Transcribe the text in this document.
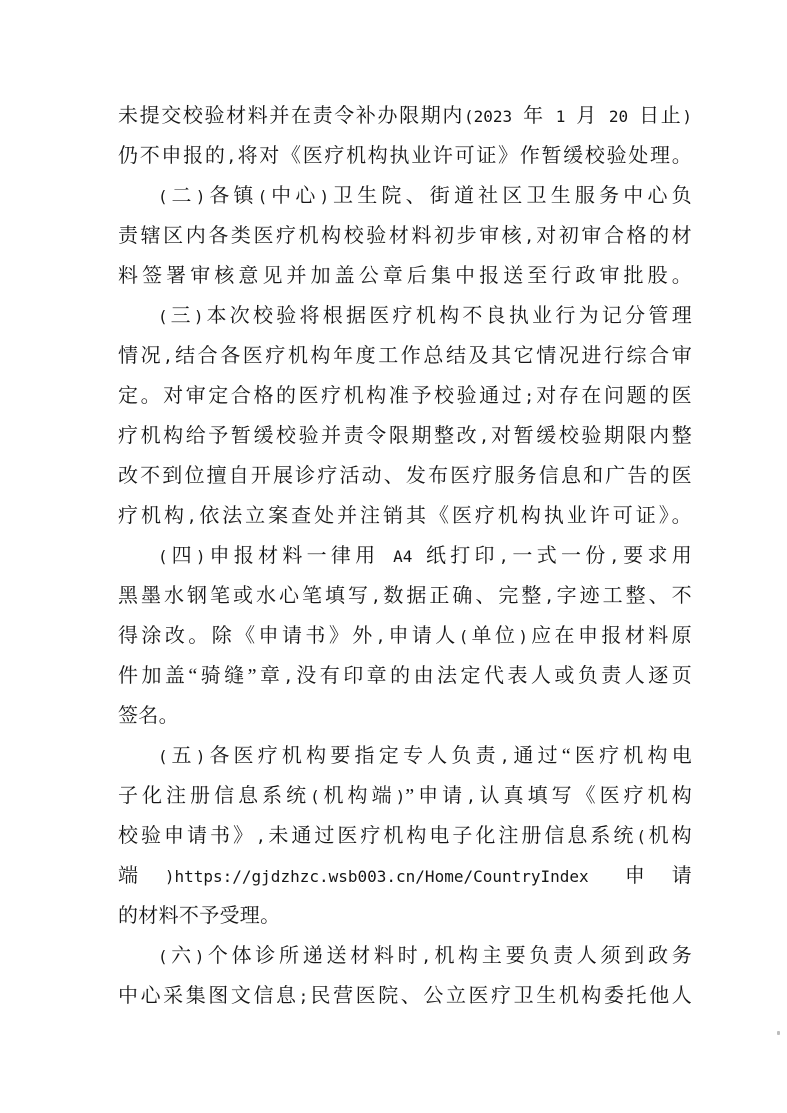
未提交校验材料并在责令补办限期内(2023 年 1 月 20 日止)
仍不申报的,将对《医疗机构执业许可证》作暂缓校验处理。
(二)各镇(中心)卫生院、街道社区卫生服务中心负
责辖区内各类医疗机构校验材料初步审核,对初审合格的材
料签署审核意见并加盖公章后集中报送至行政审批股。
(三)本次校验将根据医疗机构不良执业行为记分管理
情况,结合各医疗机构年度工作总结及其它情况进行综合审
定。对审定合格的医疗机构准予校验通过;对存在问题的医
疗机构给予暂缓校验并责令限期整改,对暂缓校验期限内整
改不到位擅自开展诊疗活动、发布医疗服务信息和广告的医
疗机构,依法立案查处并注销其《医疗机构执业许可证》。
(四)申报材料一律用 A4 纸打印,一式一份,要求用
黑墨水钢笔或水心笔填写,数据正确、完整,字迹工整、不
得涂改。除《申请书》外,申请人(单位)应在申报材料原
件加盖“骑缝”章,没有印章的由法定代表人或负责人逐页
签名。
(五)各医疗机构要指定专人负责,通过“医疗机构电
子化注册信息系统(机构端)”申请,认真填写《医疗机构
校验申请书》,未通过医疗机构电子化注册信息系统(机构
端)https://gjdzhzc.wsb003.cn/Home/CountryIndex 申请
的材料不予受理。
(六)个体诊所递送材料时,机构主要负责人须到政务
中心采集图文信息;民营医院、公立医疗卫生机构委托他人
